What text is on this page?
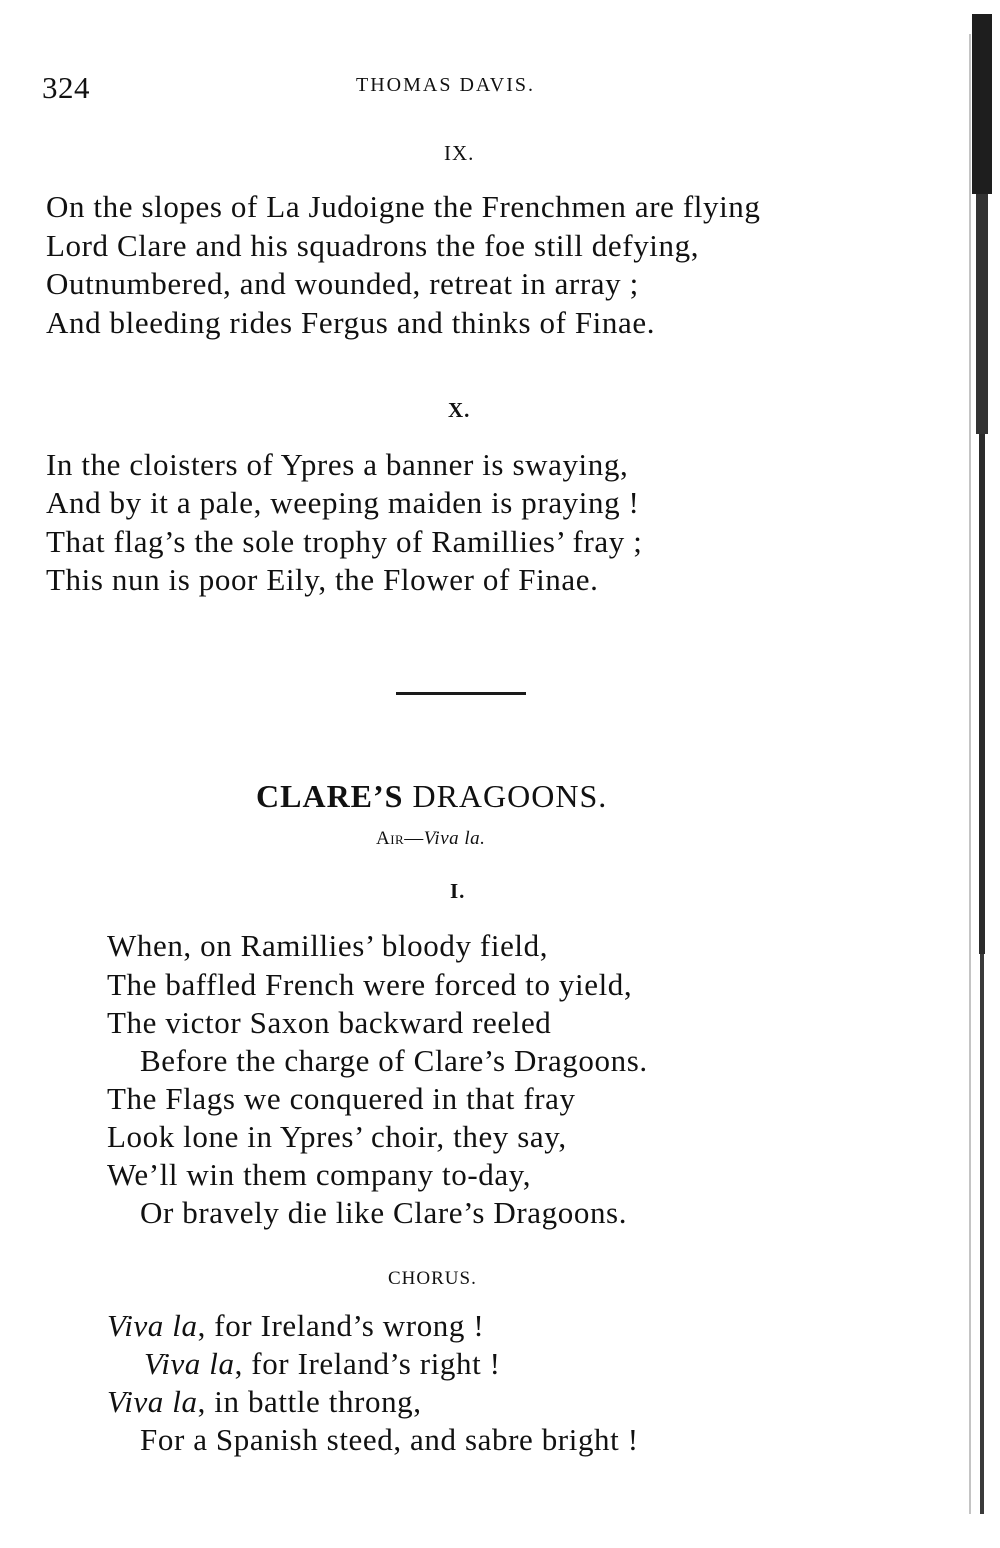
324	THOMAS DAVIS.
IX.
On the slopes of La Judoigne the Frenchmen are flying
Lord Clare and his squadrons the foe still defying,
Outnumbered, and wounded, retreat in array ;
And bleeding rides Fergus and thinks of Finae.
X.
In the cloisters of Ypres a banner is swaying,
And by it a pale, weeping maiden is praying !
That flag’s the sole trophy of Ramillies’ fray ;
This nun is poor Eily, the Flower of Finae.
CLARE’S DRAGOONS.
Air—Viva la.
I.
When, on Ramillies’ bloody field,
The baffled French were forced to yield,
The victor Saxon backward reeled
Before the charge of Clare’s Dragoons.
The Flags we conquered in that fray
Look lone in Ypres’ choir, they say,
We’ll win them company to-day,
Or bravely die like Clare’s Dragoons.
CHORUS.
Viva la, for Ireland’s wrong !
Viva la, for Ireland’s right !
Viva la, in battle throng,
For a Spanish steed, and sabre bright !
